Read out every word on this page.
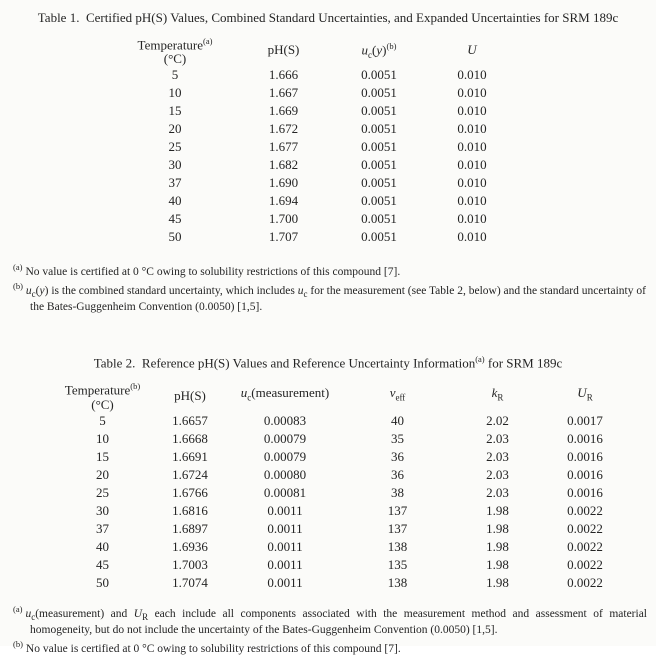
Table 1.  Certified pH(S) Values, Combined Standard Uncertainties, and Expanded Uncertainties for SRM 189c
Temperature$^{(a)}$
(°C)	pH(S)	$u_c(y)^{(b)}$	U
5	1.666	0.0051	0.010
10	1.667	0.0051	0.010
15	1.669	0.0051	0.010
20	1.672	0.0051	0.010
25	1.677	0.0051	0.010
30	1.682	0.0051	0.010
37	1.690	0.0051	0.010
40	1.694	0.0051	0.010
45	1.700	0.0051	0.010
50	1.707	0.0051	0.010
$^{(a)}$ No value is certified at 0 °C owing to solubility restrictions of this compound [7].
$^{(b)}$ $u_c(y)$ is the combined standard uncertainty, which includes $u_c$ for the measurement (see Table 2, below) and the standard uncertainty of the Bates-Guggenheim Convention (0.0050) [1,5].
Table 2.  Reference pH(S) Values and Reference Uncertainty Information$^{(a)}$ for SRM 189c
Temperature$^{(b)}$
(°C)	pH(S)	$u_c(measurement)$	$\nu_{eff}$	$k_R$	$U_R$
5	1.6657	0.00083	40	2.02	0.0017
10	1.6668	0.00079	35	2.03	0.0016
15	1.6691	0.00079	36	2.03	0.0016
20	1.6724	0.00080	36	2.03	0.0016
25	1.6766	0.00081	38	2.03	0.0016
30	1.6816	0.0011	137	1.98	0.0022
37	1.6897	0.0011	137	1.98	0.0022
40	1.6936	0.0011	138	1.98	0.0022
45	1.7003	0.0011	135	1.98	0.0022
50	1.7074	0.0011	138	1.98	0.0022
$^{(a)}$ $u_c(measurement)$ and $U_R$ each include all components associated with the measurement method and assessment of material homogeneity, but do not include the uncertainty of the Bates-Guggenheim Convention (0.0050) [1,5].
$^{(b)}$ No value is certified at 0 °C owing to solubility restrictions of this compound [7].
